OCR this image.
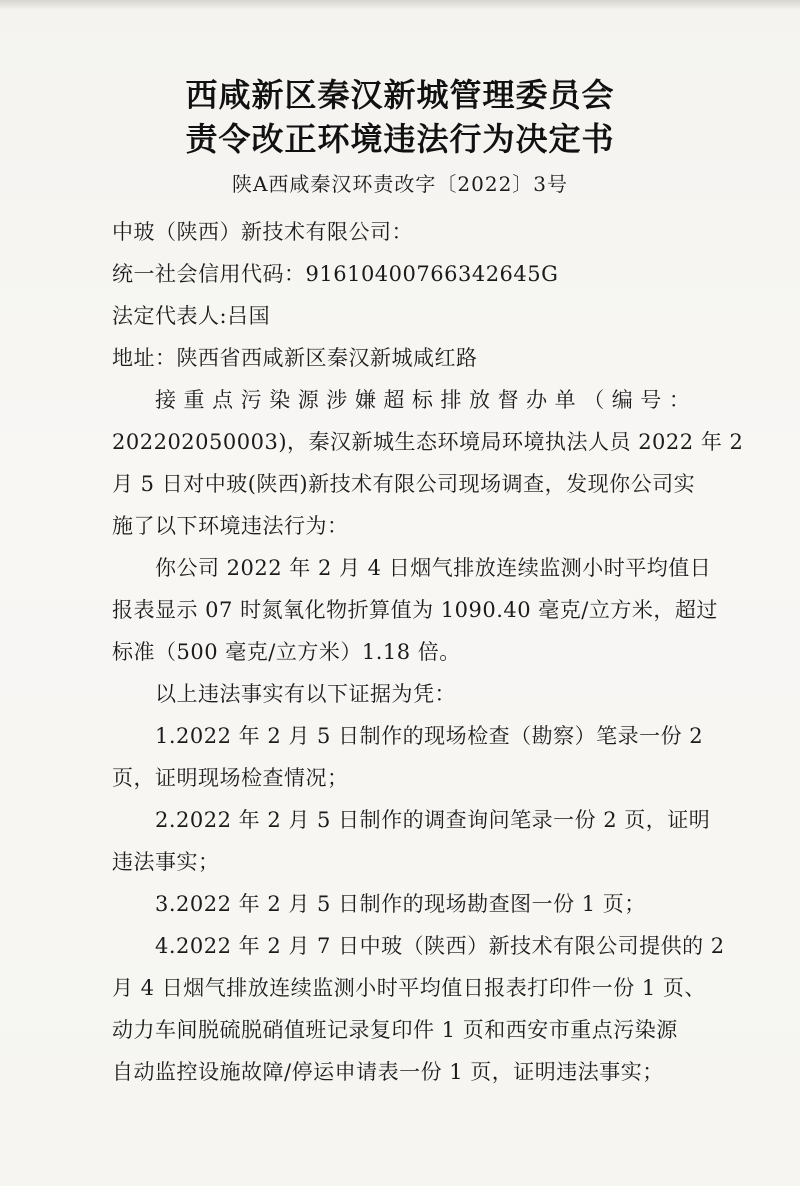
西咸新区秦汉新城管理委员会
责令改正环境违法行为决定书
陕A西咸秦汉环责改字〔2022〕3号
中玻（陕西）新技术有限公司：
统一社会信用代码：91610400766342645G
法定代表人:吕国
地址：陕西省西咸新区秦汉新城咸红路
接 重 点 污 染 源 涉 嫌 超 标 排 放 督 办 单 （ 编 号 ：
202202050003)，秦汉新城生态环境局环境执法人员 2022 年 2
月 5 日对中玻(陕西)新技术有限公司现场调查，发现你公司实
施了以下环境违法行为：
你公司 2022 年 2 月 4 日烟气排放连续监测小时平均值日
报表显示 07 时氮氧化物折算值为 1090.40 毫克/立方米，超过
标准（500 毫克/立方米）1.18 倍。
以上违法事实有以下证据为凭：
1.2022 年 2 月 5 日制作的现场检查（勘察）笔录一份 2
页，证明现场检查情况；
2.2022 年 2 月 5 日制作的调查询问笔录一份 2 页，证明
违法事实；
3.2022 年 2 月 5 日制作的现场勘查图一份 1 页；
4.2022 年 2 月 7 日中玻（陕西）新技术有限公司提供的 2
月 4 日烟气排放连续监测小时平均值日报表打印件一份 1 页、
动力车间脱硫脱硝值班记录复印件 1 页和西安市重点污染源
自动监控设施故障/停运申请表一份 1 页，证明违法事实；
